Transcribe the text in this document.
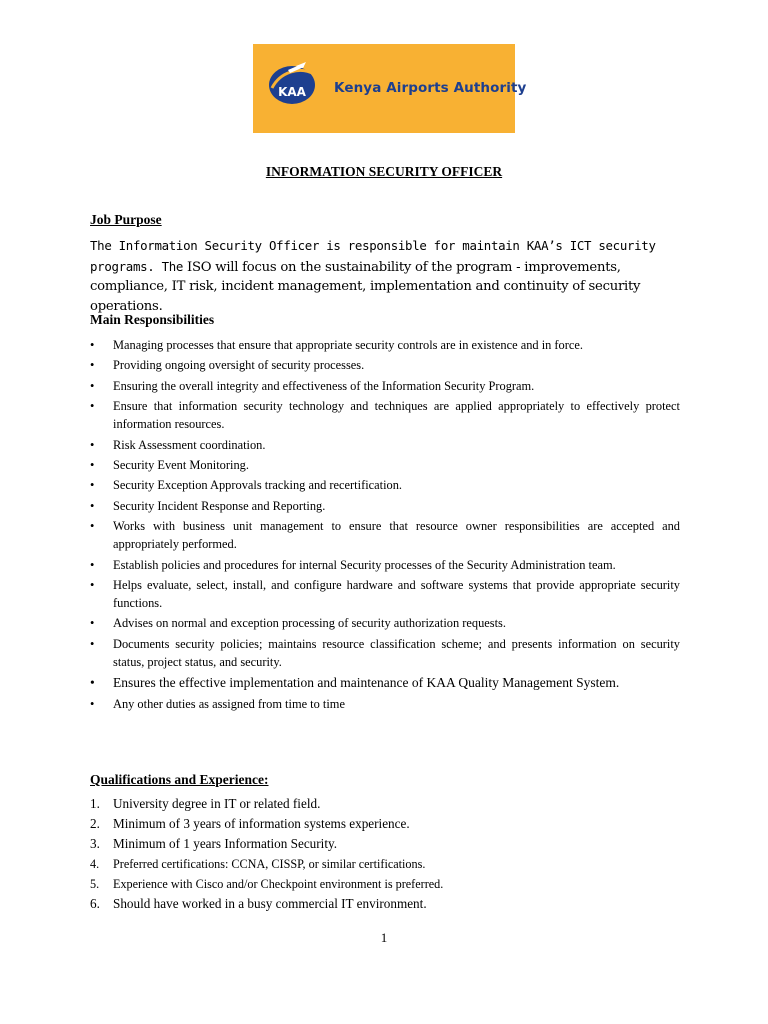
KAA Kenya Airports Authority
INFORMATION SECURITY OFFICER
Job Purpose
The Information Security Officer is responsible for maintain KAA’s ICT security programs. The ISO will focus on the sustainability of the program - improvements, compliance, IT risk, incident management, implementation and continuity of security operations.
Main Responsibilities
•	Managing processes that ensure that appropriate security controls are in existence and in force.
•	Providing ongoing oversight of security processes.
•	Ensuring the overall integrity and effectiveness of the Information Security Program.
•	Ensure that information security technology and techniques are applied appropriately to effectively protect information resources.
•	Risk Assessment coordination.
•	Security Event Monitoring.
•	Security Exception Approvals tracking and recertification.
•	Security Incident Response and Reporting.
•	Works with business unit management to ensure that resource owner responsibilities are accepted and appropriately performed.
•	Establish policies and procedures for internal Security processes of the Security Administration team.
•	Helps evaluate, select, install, and configure hardware and software systems that provide appropriate security functions.
•	Advises on normal and exception processing of security authorization requests.
•	Documents security policies; maintains resource classification scheme; and presents information on security status, project status, and security.
•	Ensures the effective implementation and maintenance of KAA Quality Management System.
•	Any other duties as assigned from time to time
Qualifications and Experience:
1. University degree in IT or related field.
2. Minimum of 3 years of information systems experience.
3. Minimum of 1 years Information Security.
4. Preferred certifications: CCNA, CISSP, or similar certifications.
5. Experience with Cisco and/or Checkpoint environment is preferred.
6. Should have worked in a busy commercial IT environment.
1
